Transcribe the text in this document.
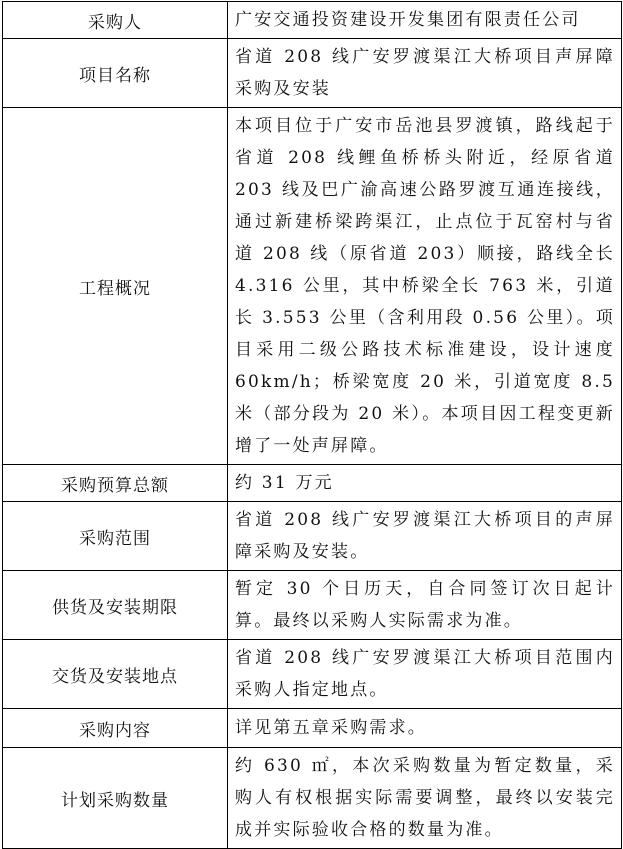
采购人	广安交通投资建设开发集团有限责任公司
项目名称	省道 208 线广安罗渡渠江大桥项目声屏障采购及安装
工程概况	本项目位于广安市岳池县罗渡镇，路线起于省道 208 线鲤鱼桥桥头附近，经原省道 203 线及巴广渝高速公路罗渡互通连接线，通过新建桥梁跨渠江，止点位于瓦窑村与省道 208 线（原省道 203）顺接，路线全长 4.316 公里，其中桥梁全长 763 米，引道长 3.553 公里（含利用段 0.56 公里）。项目采用二级公路技术标准建设，设计速度 60km/h；桥梁宽度 20 米，引道宽度 8.5 米（部分段为 20 米）。本项目因工程变更新增了一处声屏障。
采购预算总额	约 31 万元
采购范围	省道 208 线广安罗渡渠江大桥项目的声屏障采购及安装。
供货及安装期限	暂定 30 个日历天，自合同签订次日起计算。最终以采购人实际需求为准。
交货及安装地点	省道 208 线广安罗渡渠江大桥项目范围内采购人指定地点。
采购内容	详见第五章采购需求。
计划采购数量	约 630 ㎡，本次采购数量为暂定数量，采购人有权根据实际需要调整，最终以安装完成并实际验收合格的数量为准。
